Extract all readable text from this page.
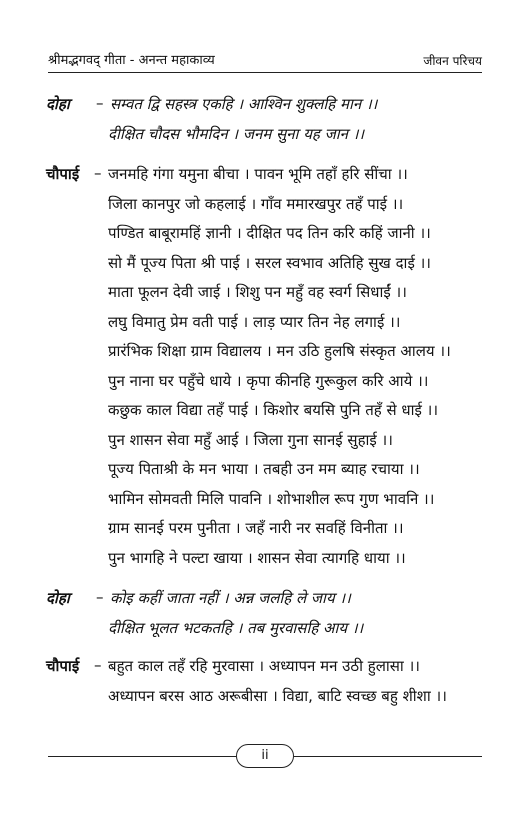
श्रीमद्भगवद् गीता - अनन्त महाकाव्य	जीवन परिचय
दोहा – सम्वत द्वि सहस्त्र एकहि । आश्विन शुक्लहि मान ।।
दीक्षित चौदस भौमदिन । जनम सुना यह जान ।।
चौपाई – जनमहि गंगा यमुना बीचा । पावन भूमि तहाँ हरि सींचा ।।
जिला कानपुर जो कहलाई । गाँव ममारखपुर तहँ पाई ।।
पण्डित बाबूरामहिं ज्ञानी । दीक्षित पद तिन करि कहिं जानी ।।
सो मैं पूज्य पिता श्री पाई । सरल स्वभाव अतिहि सुख दाई ।।
माता फूलन देवी जाई । शिशु पन महुँ वह स्वर्ग सिधाईं ।।
लघु विमातु प्रेम वती पाई । लाड़ प्यार तिन नेह लगाई ।।
प्रारंभिक शिक्षा ग्राम विद्यालय । मन उठि हुलषि संस्कृत आलय ।।
पुन नाना घर पहुँचे धाये । कृपा कीनहि गुरूकुल करि आये ।।
कछुक काल विद्या तहँ पाई । किशोर बयसि पुनि तहँ से धाई ।।
पुन शासन सेवा महुँ आई । जिला गुना सानई सुहाई ।।
पूज्य पिताश्री के मन भाया । तबही उन मम ब्याह रचाया ।।
भामिन सोमवती मिलि पावनि । शोभाशील रूप गुण भावनि ।।
ग्राम सानई परम पुनीता । जहँ नारी नर सवहिं विनीता ।।
पुन भागहि ने पल्टा खाया । शासन सेवा त्यागहि धाया ।।
दोहा – कोइ कहीं जाता नहीं । अन्न जलहि ले जाय ।।
दीक्षित भूलत भटकतहि । तब मुरवासहि आय ।।
चौपाई – बहुत काल तहँ रहि मुरवासा । अध्यापन मन उठी हुलासा ।।
अध्यापन बरस आठ अरूबीसा । विद्या, बाटि स्वच्छ बहु शीशा ।।
ii
